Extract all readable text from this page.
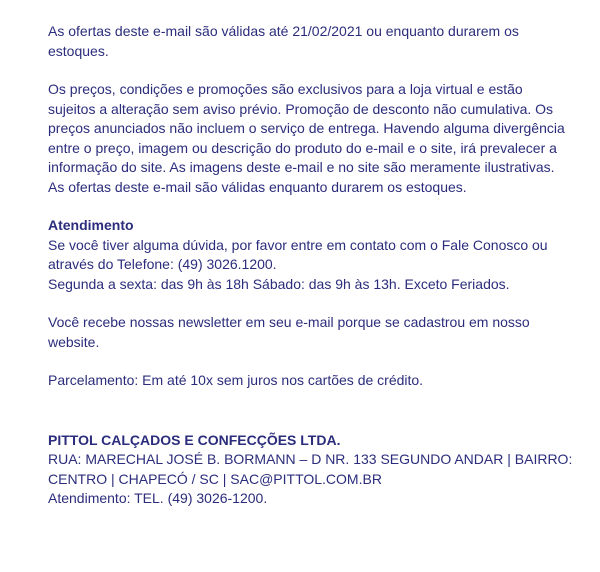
As ofertas deste e-mail são válidas até 21/02/2021 ou enquanto durarem os
estoques.

Os preços, condições e promoções são exclusivos para a loja virtual e estão
sujeitos a alteração sem aviso prévio. Promoção de desconto não cumulativa. Os
preços anunciados não incluem o serviço de entrega. Havendo alguma divergência
entre o preço, imagem ou descrição do produto do e-mail e o site, irá prevalecer a
informação do site. As imagens deste e-mail e no site são meramente ilustrativas.
As ofertas deste e-mail são válidas enquanto durarem os estoques.

Atendimento
Se você tiver alguma dúvida, por favor entre em contato com o Fale Conosco ou
através do Telefone: (49) 3026.1200.
Segunda a sexta: das 9h às 18h Sábado: das 9h às 13h. Exceto Feriados.

Você recebe nossas newsletter em seu e-mail porque se cadastrou em nosso
website.

Parcelamento: Em até 10x sem juros nos cartões de crédito.

PITTOL CALÇADOS E CONFECÇÕES LTDA.
RUA: MARECHAL JOSÉ B. BORMANN – D NR. 133 SEGUNDO ANDAR | BAIRRO:
CENTRO | CHAPECÓ / SC | SAC@PITTOL.COM.BR
Atendimento: TEL. (49) 3026-1200.
